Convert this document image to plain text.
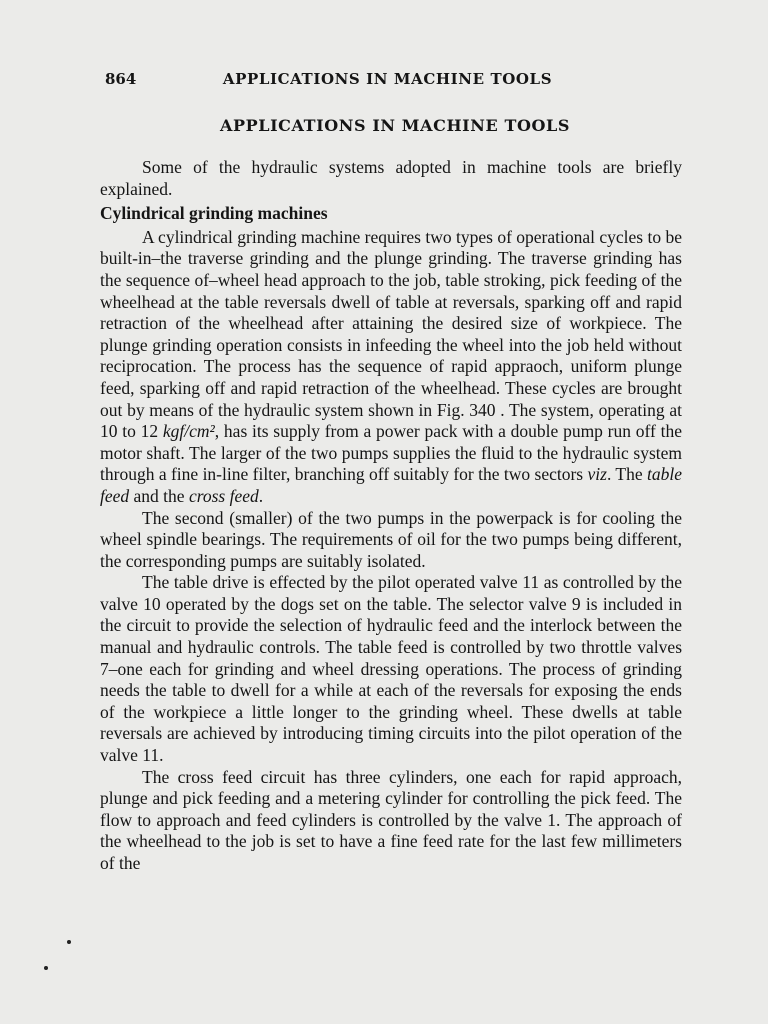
864	APPLICATIONS IN MACHINE TOOLS
APPLICATIONS IN MACHINE TOOLS

Some of the hydraulic systems adopted in machine tools are briefly explained.

Cylindrical grinding machines

A cylindrical grinding machine requires two types of operational cycles to be built-in–the traverse grinding and the plunge grinding. The traverse grinding has the sequence of–wheel head approach to the job, table stroking, pick feeding of the wheelhead at the table reversals dwell of table at reversals, sparking off and rapid retraction of the wheelhead after attaining the desired size of workpiece. The plunge grinding operation consists in infeeding the wheel into the job held without reciprocation. The process has the sequence of rapid appraoch, uniform plunge feed, sparking off and rapid retraction of the wheelhead. These cycles are brought out by means of the hydraulic system shown in Fig. 340 . The system, operating at 10 to 12 kgf/cm², has its supply from a power pack with a double pump run off the motor shaft. The larger of the two pumps supplies the fluid to the hydraulic system through a fine in-line filter, branching off suitably for the two sectors viz. The table feed and the cross feed.

The second (smaller) of the two pumps in the powerpack is for cooling the wheel spindle bearings. The requirements of oil for the two pumps being different, the corresponding pumps are suitably isolated.

The table drive is effected by the pilot operated valve 11 as controlled by the valve 10 operated by the dogs set on the table. The selector valve 9 is included in the circuit to provide the selection of hydraulic feed and the interlock between the manual and hydraulic controls. The table feed is controlled by two throttle valves 7–one each for grinding and wheel dressing operations. The process of grinding needs the table to dwell for a while at each of the reversals for exposing the ends of the workpiece a little longer to the grinding wheel. These dwells at table reversals are achieved by introducing timing circuits into the pilot operation of the valve 11.

The cross feed circuit has three cylinders, one each for rapid approach, plunge and pick feeding and a metering cylinder for controlling the pick feed. The flow to approach and feed cylinders is controlled by the valve 1. The approach of the wheelhead to the job is set to have a fine feed rate for the last few millimeters of the
